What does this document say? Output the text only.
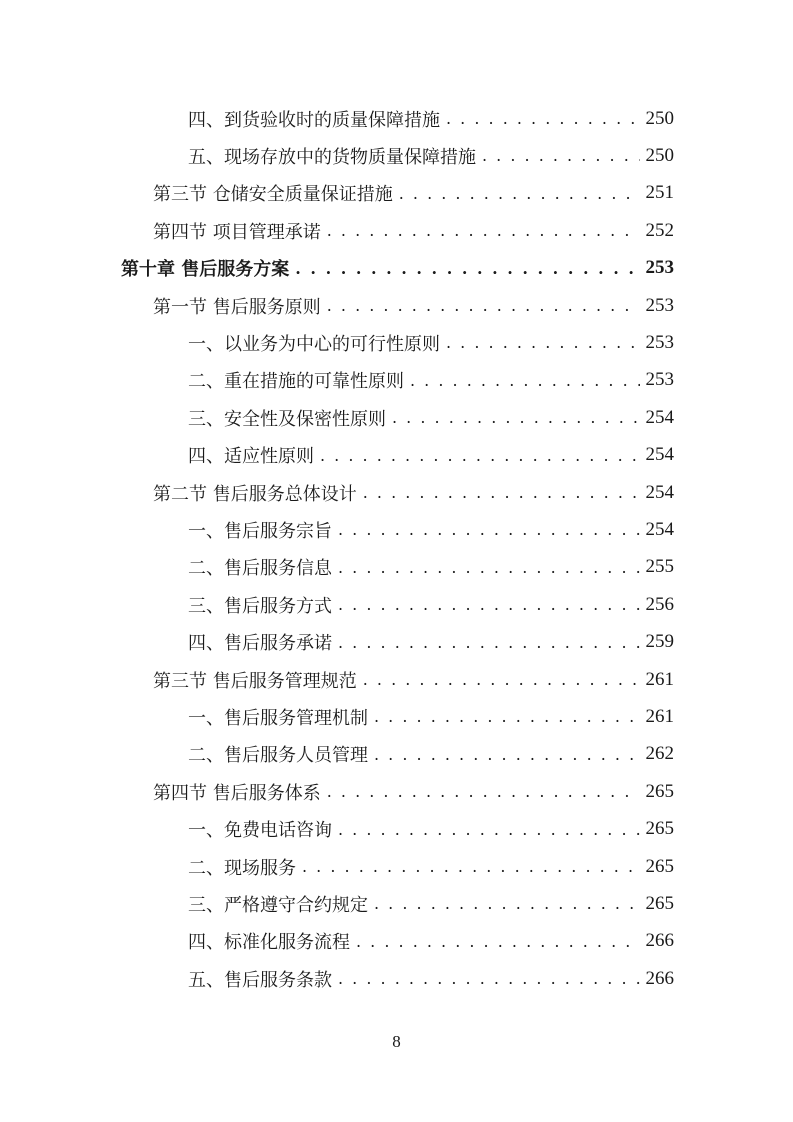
四、到货验收时的质量保障措施 . . .	250
五、现场存放中的货物质量保障措施 . . .	250
第三节 仓储安全质量保证措施 . . .	251
第四节 项目管理承诺 . . .	252
第十章 售后服务方案 . . .	253
第一节 售后服务原则 . . .	253
一、以业务为中心的可行性原则 . . .	253
二、重在措施的可靠性原则 . . .	253
三、安全性及保密性原则 . . .	254
四、适应性原则 . . .	254
第二节 售后服务总体设计 . . .	254
一、售后服务宗旨 . . .	254
二、售后服务信息 . . .	255
三、售后服务方式 . . .	256
四、售后服务承诺 . . .	259
第三节 售后服务管理规范 . . .	261
一、售后服务管理机制 . . .	261
二、售后服务人员管理 . . .	262
第四节 售后服务体系 . . .	265
一、免费电话咨询 . . .	265
二、现场服务 . . .	265
三、严格遵守合约规定 . . .	265
四、标准化服务流程 . . .	266
五、售后服务条款 . . .	266
8
